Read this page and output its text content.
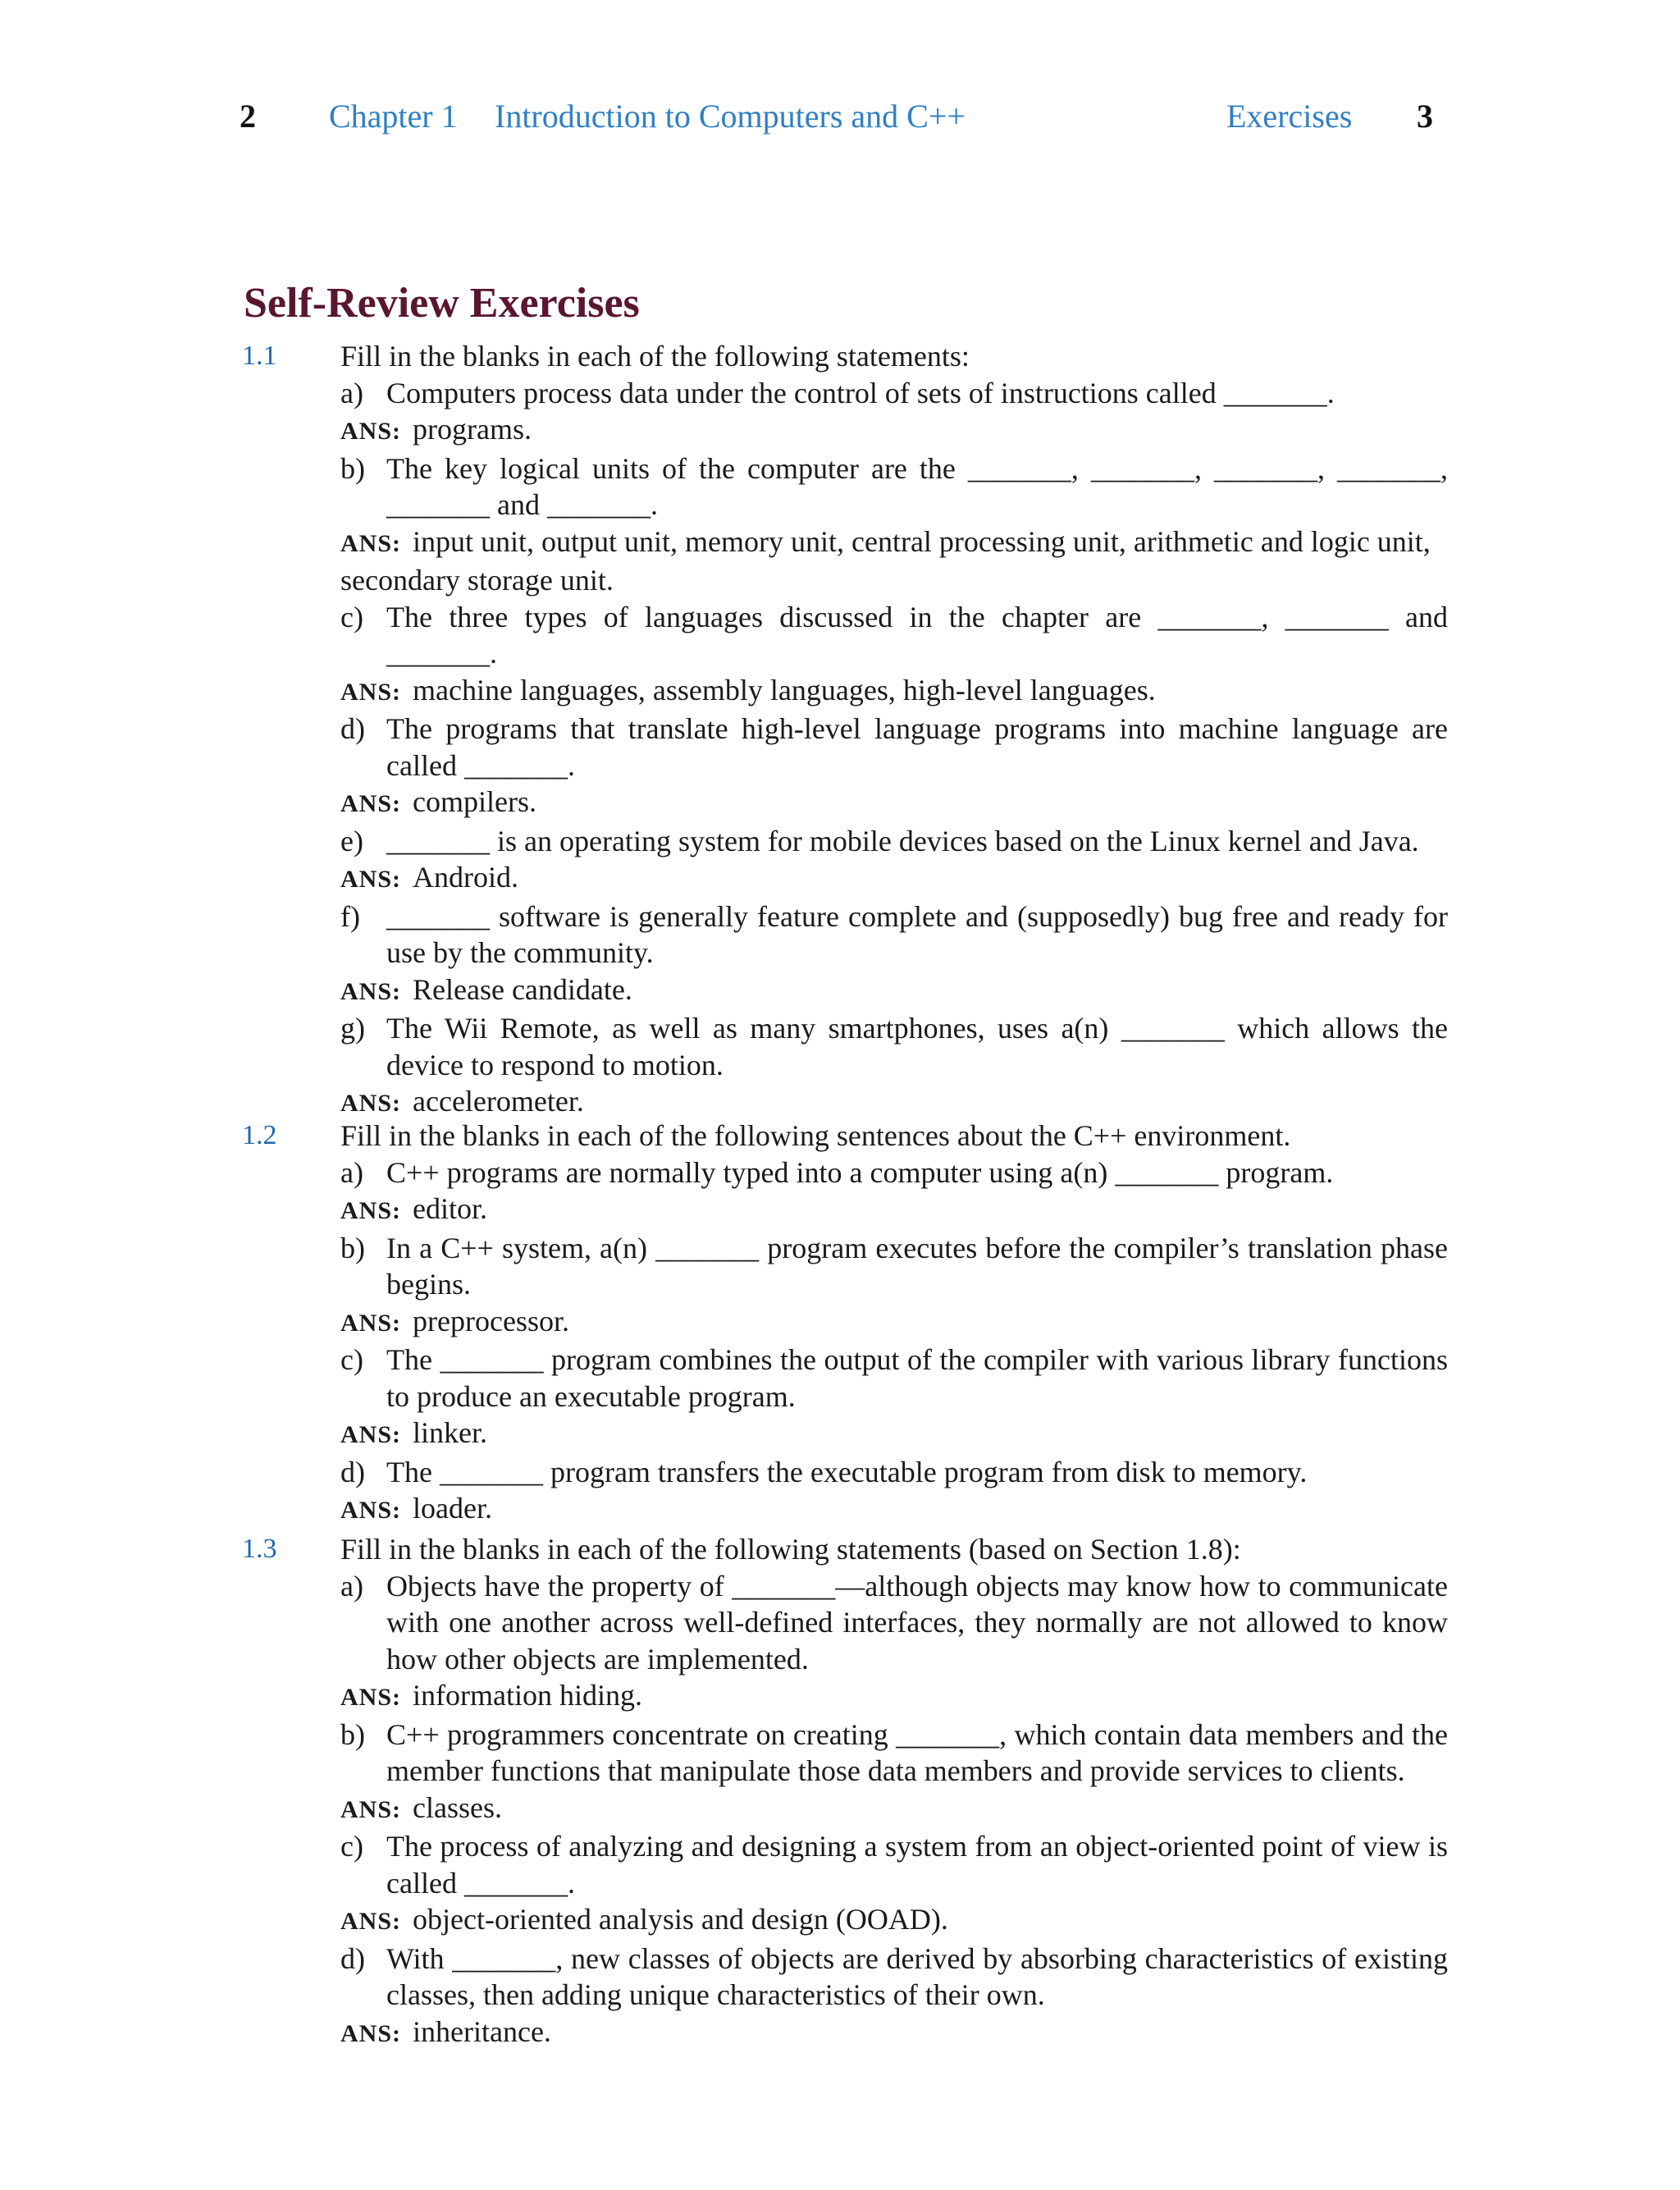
2 Chapter 1 Introduction to Computers and C++	Exercises 3
Self-Review Exercises
1.1 Fill in the blanks in each of the following statements:

a) Computers process data under the control of sets of instructions called _______.
ANS: programs.
b) The key logical units of the computer are the _______, _______, _______, _______, _______ and _______.
ANS: input unit, output unit, memory unit, central processing unit, arithmetic and logic unit, secondary storage unit.
c) The three types of languages discussed in the chapter are _______, _______ and _______.
ANS: machine languages, assembly languages, high-level languages.
d) The programs that translate high-level language programs into machine language are called _______.
ANS: compilers.
e) _______ is an operating system for mobile devices based on the Linux kernel and Java.
ANS: Android.
f) _______ software is generally feature complete and (supposedly) bug free and ready for use by the community.
ANS: Release candidate.
g) The Wii Remote, as well as many smartphones, uses a(n) _______ which allows the device to respond to motion.
ANS: accelerometer.
1.2 Fill in the blanks in each of the following sentences about the C++ environment.

a) C++ programs are normally typed into a computer using a(n) _______ program.
ANS: editor.
b) In a C++ system, a(n) _______ program executes before the compiler’s translation phase begins.
ANS: preprocessor.
c) The _______ program combines the output of the compiler with various library functions to produce an executable program.
ANS: linker.
d) The _______ program transfers the executable program from disk to memory.
ANS: loader.
1.3 Fill in the blanks in each of the following statements (based on Section 1.8):

a) Objects have the property of _______—although objects may know how to communicate with one another across well-defined interfaces, they normally are not allowed to know how other objects are implemented.
ANS: information hiding.
b) C++ programmers concentrate on creating _______, which contain data members and the member functions that manipulate those data members and provide services to clients.
ANS: classes.
c) The process of analyzing and designing a system from an object-oriented point of view is called _______.
ANS: object-oriented analysis and design (OOAD).
d) With _______, new classes of objects are derived by absorbing characteristics of existing classes, then adding unique characteristics of their own.
ANS: inheritance.
